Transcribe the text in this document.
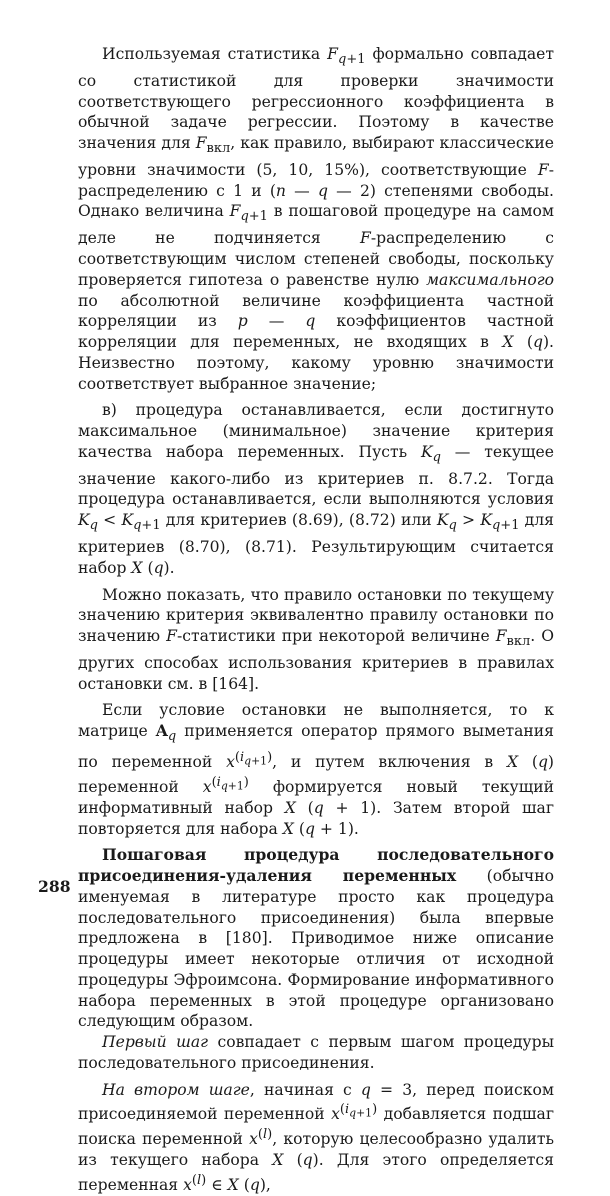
Используемая статистика $F_{q+1}$ формально совпадает со статистикой для проверки значимости соответствующего регрессионного коэффициента в обычной задаче регрессии. Поэтому в качестве значения для $F_{вкл}$, как правило, выбирают классические уровни значимости (5, 10, 15%), соответствующие F-распределению с 1 и (n — q — 2) степенями свободы. Однако величина $F_{q+1}$ в пошаговой процедуре на самом деле не подчиняется F-распределению с соответствующим числом степеней свободы, поскольку проверяется гипотеза о равенстве нулю максимального по абсолютной величине коэффициента частной корреляции из p — q коэффициентов частной корреляции для переменных, не входящих в X (q). Неизвестно поэтому, какому уровню значимости соответствует выбранное значение;

в) процедура останавливается, если достигнуто максимальное (минимальное) значение критерия качества набора переменных. Пусть $K_q$ — текущее значение какого-либо из критериев п. 8.7.2. Тогда процедура останавливается, если выполняются условия $K_q < K_{q+1}$ для критериев (8.69), (8.72) или $K_q > K_{q+1}$ для критериев (8.70), (8.71). Результирующим считается набор X (q).

Можно показать, что правило остановки по текущему значению критерия эквивалентно правилу остановки по значению F-статистики при некоторой величине $F_{вкл}$. О других способах использования критериев в правилах остановки см. в [164].

Если условие остановки не выполняется, то к матрице $A_q$ применяется оператор прямого выметания по переменной $x^{(i_{q+1})}$, и путем включения в X (q) переменной $x^{(i_{q+1})}$ формируется новый текущий информативный набор X (q + 1). Затем второй шаг повторяется для набора X (q + 1).

Пошаговая процедура последовательного присоединения-удаления переменных (обычно именуемая в литературе просто как процедура последовательного присоединения) была впервые предложена в [180]. Приводимое ниже описание процедуры имеет некоторые отличия от исходной процедуры Эфроимсона. Формирование информативного набора переменных в этой процедуре организовано следующим образом.

Первый шаг совпадает с первым шагом процедуры последовательного присоединения.

На втором шаге, начиная с q = 3, перед поиском присоединяемой переменной $x^{(i_{q+1})}$ добавляется подшаг поиска переменной $x^{(l)}$, которую целесообразно удалить из текущего набора X (q). Для этого определяется переменная $x^{(l)}$ ∈ X (q),

288
